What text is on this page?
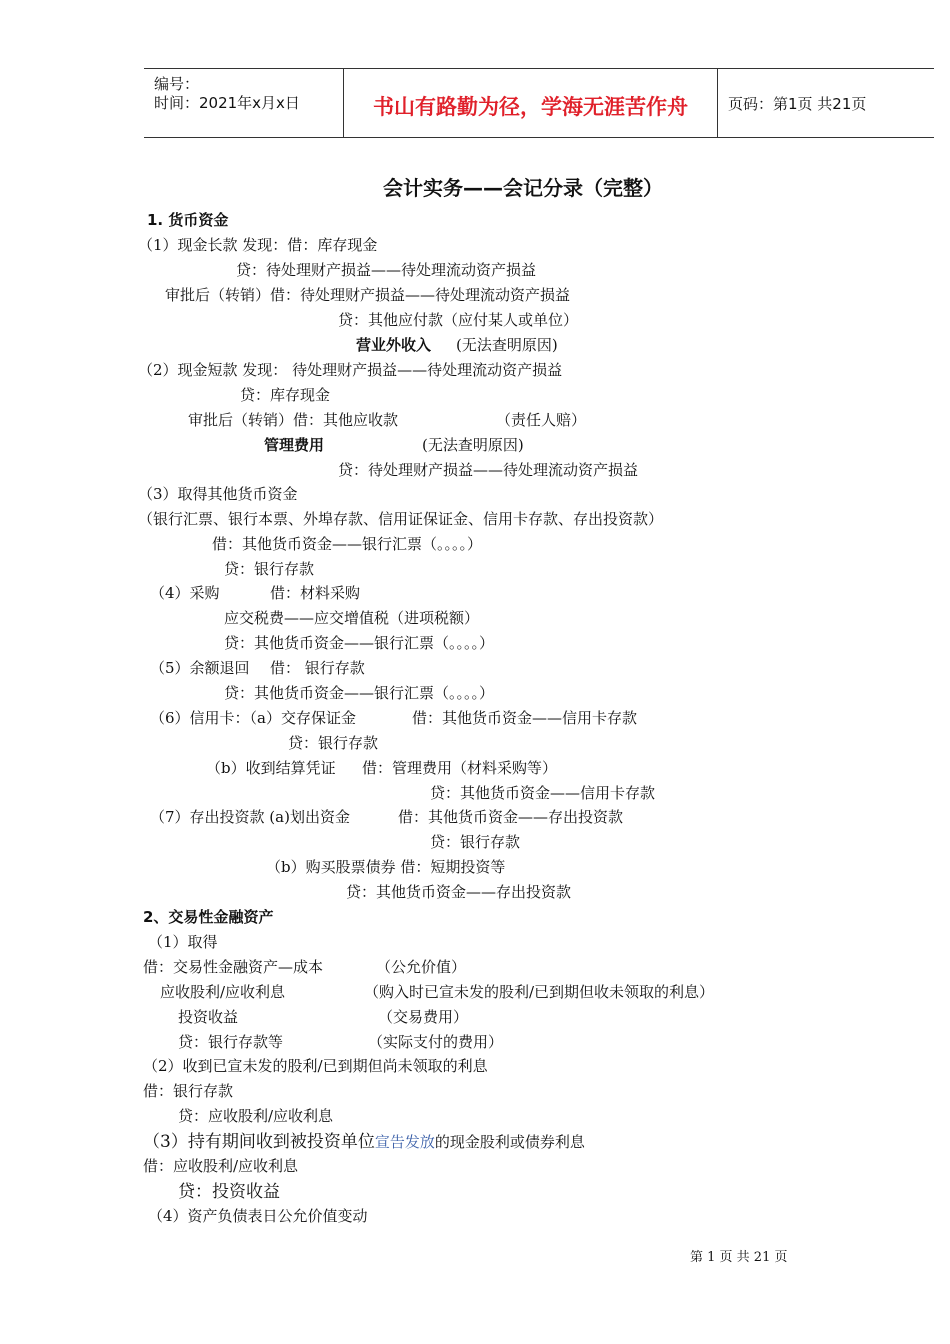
编号：
时间：2021年x月x日	书山有路勤为径，学海无涯苦作舟	页码：第1页 共21页
会计实务——会记分录（完整）
1. 货币资金
（1）现金长款 发现：借：库存现金
贷：待处理财产损益——待处理流动资产损益
审批后（转销）借：待处理财产损益——待处理流动资产损益
贷：其他应付款（应付某人或单位）
营业外收入 (无法查明原因)
（2）现金短款 发现： 待处理财产损益——待处理流动资产损益
贷：库存现金
审批后（转销）借：其他应收款	（责任人赔）
管理费用	(无法查明原因)
贷：待处理财产损益——待处理流动资产损益
（3）取得其他货币资金
（银行汇票、银行本票、外埠存款、信用证保证金、信用卡存款、存出投资款）
借：其他货币资金——银行汇票（。。。。）
贷：银行存款
（4）采购	借：材料采购
应交税费——应交增值税（进项税额）
贷：其他货币资金——银行汇票（。。。。）
（5）余额退回 借： 银行存款
贷：其他货币资金——银行汇票（。。。。）
（6）信用卡：（a）交存保证金	借：其他货币资金——信用卡存款
贷：银行存款
（b）收到结算凭证 借：管理费用（材料采购等）
贷：其他货币资金——信用卡存款
（7）存出投资款 (a)划出资金	借：其他货币资金——存出投资款
贷：银行存款
（b）购买股票债券 借：短期投资等
贷：其他货币资金——存出投资款
2、交易性金融资产
（1）取得
借：交易性金融资产—成本	（公允价值）
应收股利/应收利息	（购入时已宣未发的股利/已到期但收未领取的利息）
投资收益	（交易费用）
贷：银行存款等	（实际支付的费用）
（2）收到已宣未发的股利/已到期但尚未领取的利息
借：银行存款
贷：应收股利/应收利息
（3）持有期间收到被投资单位宣告发放的现金股利或债券利息
借：应收股利/应收利息
贷：投资收益
（4）资产负债表日公允价值变动
第 1 页 共 21 页
